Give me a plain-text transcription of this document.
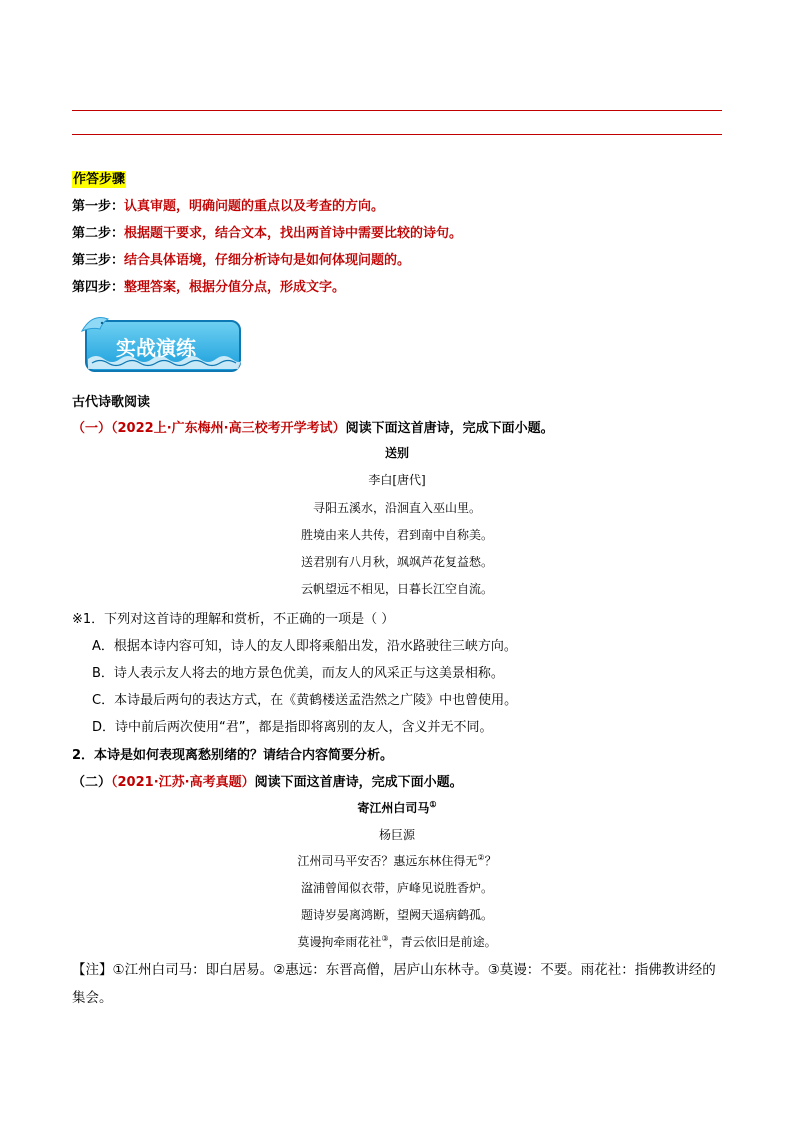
作答步骤
第一步：认真审题，明确问题的重点以及考查的方向。
第二步：根据题干要求，结合文本，找出两首诗中需要比较的诗句。
第三步：结合具体语境，仔细分析诗句是如何体现问题的。
第四步：整理答案，根据分值分点，形成文字。
实战演练
古代诗歌阅读
（一）（2022上·广东梅州·高三校考开学考试）阅读下面这首唐诗，完成下面小题。
送别
李白[唐代]
寻阳五溪水，沿洄直入巫山里。
胜境由来人共传，君到南中自称美。
送君别有八月秋，飒飒芦花复益愁。
云帆望远不相见，日暮长江空自流。
※1．下列对这首诗的理解和赏析，不正确的一项是（ ）
A．根据本诗内容可知，诗人的友人即将乘船出发，沿水路驶往三峡方向。
B．诗人表示友人将去的地方景色优美，而友人的风采正与这美景相称。
C．本诗最后两句的表达方式，在《黄鹤楼送孟浩然之广陵》中也曾使用。
D．诗中前后两次使用“君”，都是指即将离别的友人，含义并无不同。
2．本诗是如何表现离愁别绪的？请结合内容简要分析。
（二）（2021·江苏·高考真题）阅读下面这首唐诗，完成下面小题。
寄江州白司马①
杨巨源
江州司马平安否？惠远东林住得无②？
湓浦曾闻似衣带，庐峰见说胜香炉。
题诗岁晏离鸿断，望阙天遥病鹤孤。
莫谩拘牵雨花社③，青云依旧是前途。
【注】①江州白司马：即白居易。②惠远：东晋高僧，居庐山东林寺。③莫谩：不要。雨花社：指佛教讲经的集会。
